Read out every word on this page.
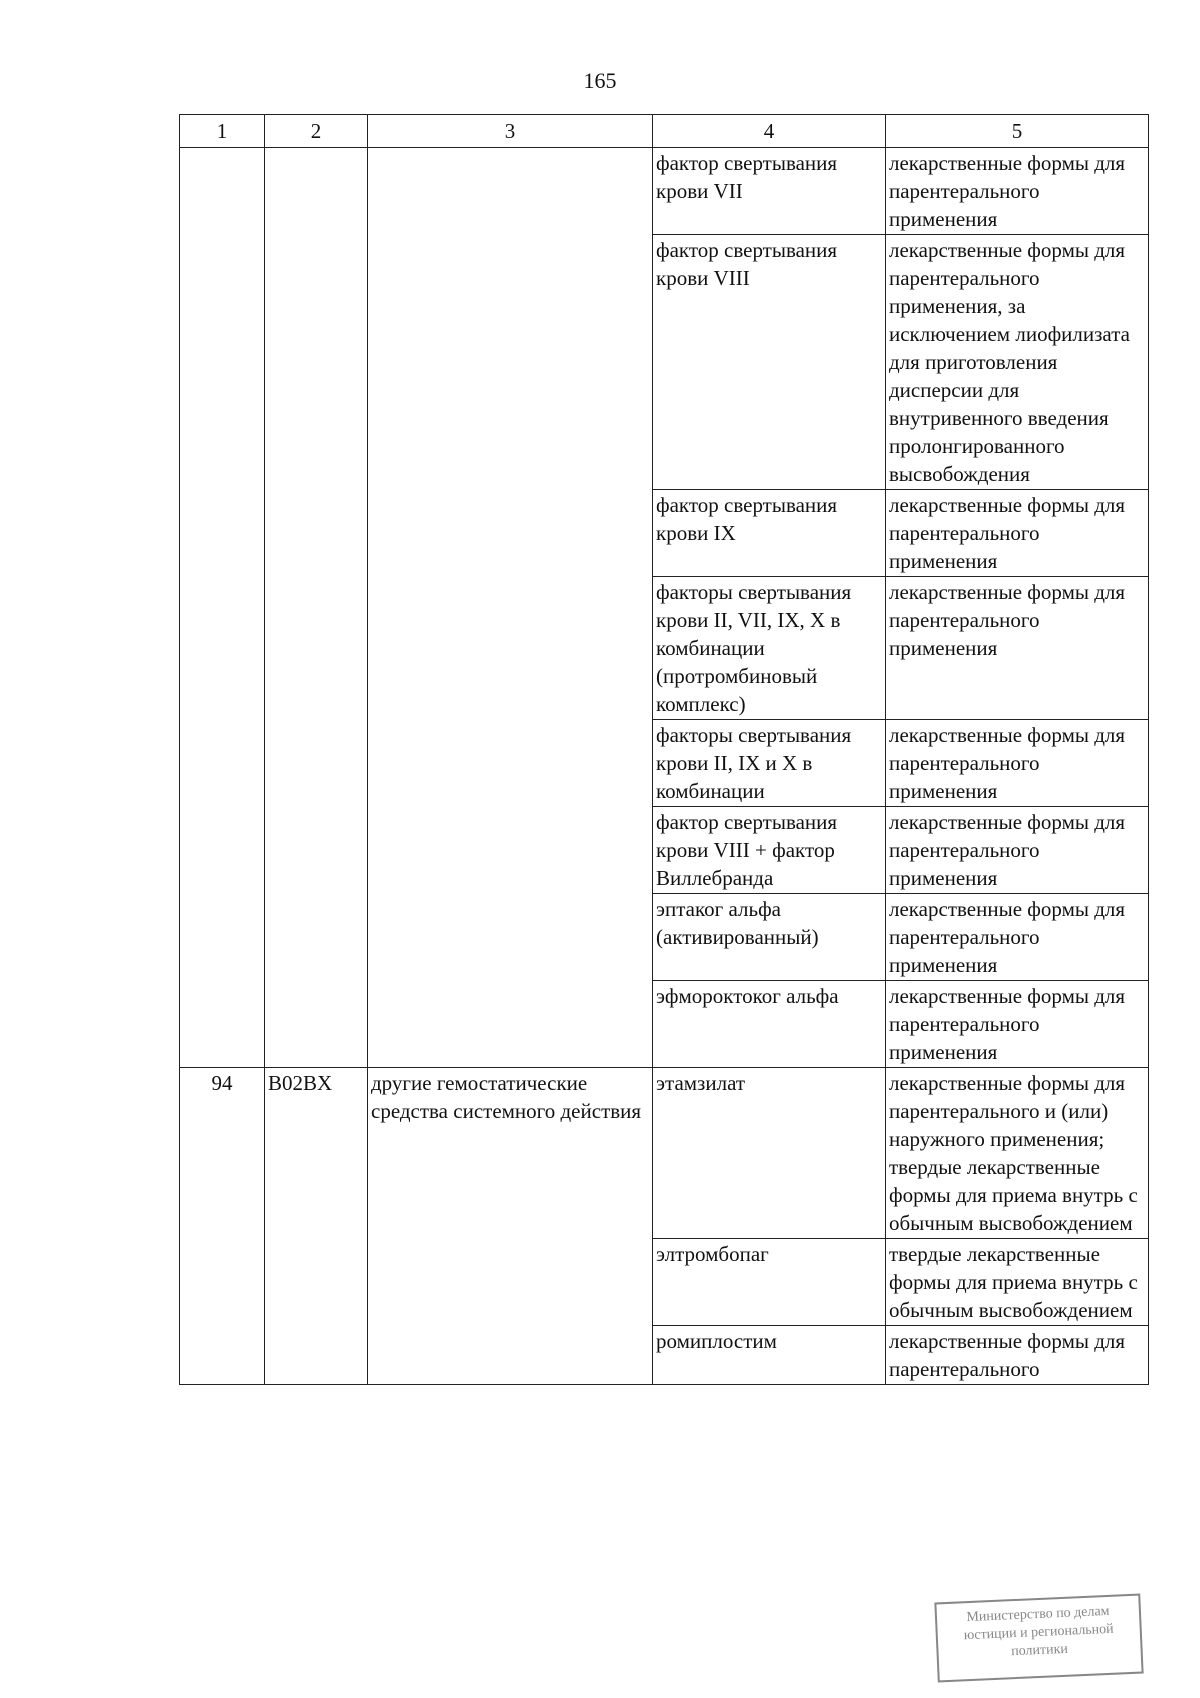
165
1	2	3	4	5
			фактор свертывания крови VII	лекарственные формы для парентерального применения
			фактор свертывания крови VIII	лекарственные формы для парентерального применения, за исключением лиофилизата для приготовления дисперсии для внутривенного введения пролонгированного высвобождения
			фактор свертывания крови IX	лекарственные формы для парентерального применения
			факторы свертывания крови II, VII, IX, X в комбинации (протромбиновый комплекс)	лекарственные формы для парентерального применения
			факторы свертывания крови II, IX и X в комбинации	лекарственные формы для парентерального применения
			фактор свертывания крови VIII + фактор Виллебранда	лекарственные формы для парентерального применения
			эптаког альфа (активированный)	лекарственные формы для парентерального применения
			эфмороктоког альфа	лекарственные формы для парентерального применения
94	B02BX	другие гемостатические средства системного действия	этамзилат	лекарственные формы для парентерального и (или) наружного применения; твердые лекарственные формы для приема внутрь с обычным высвобождением
			элтромбопаг	твердые лекарственные формы для приема внутрь с обычным высвобождением
			ромиплостим	лекарственные формы для парентерального
Министерство по делам
юстиции и региональной
политики
